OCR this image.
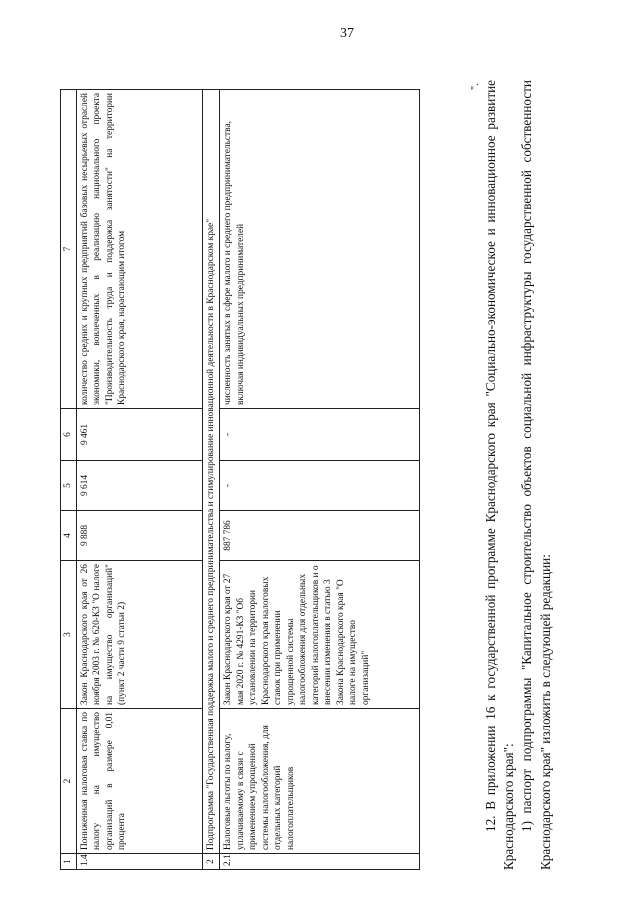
37
1	2	3	4	5	6	7
1.4	Пониженная налоговая ставка по налогу на имущество организаций в размере 0,01 процента	Закон Краснодарского края от 26 ноября 2003 г. № 620-КЗ "О налоге на имущество организаций" (пункт 2 части 9 статьи 2)	9 888	9 614	9 461	количество средних и крупных предприятий базовых несырьевых отраслей экономики, вовлеченных в реализацию национального проекта "Производительность труда и поддержка занятости" на территории Краснодарского края, нарастающим итогом
2	Подпрограмма "Государственная поддержка малого и среднего предпринимательства и стимулирование инновационной деятельности в Краснодарском крае"					
2.1	Налоговые льготы по налогу, уплачиваемому в связи с применением упрощенной системы налогообложения, для отдельных категорий налогоплательщиков	Закон Краснодарского края от 27 мая 2020 г. № 4291-КЗ "Об установлении на территории Краснодарского края налоговых ставок при применении упрощенной системы налогообложения для отдельных категорий налогоплательщиков и о внесении изменения в статью 3 Закона Краснодарского края "О налоге на имущество организаций"	887 786	-	-	численность занятых в сфере малого и среднего предпринимательства, включая индивидуальных предпринимателей
". 12. В приложении 16 к государственной программе Краснодарского края "Социально-экономическое и инновационное развитие Краснодарского края": 1) паспорт подпрограммы "Капитальное строительство объектов социальной инфраструктуры государственной собственности Краснодарского края" изложить в следующей редакции:
